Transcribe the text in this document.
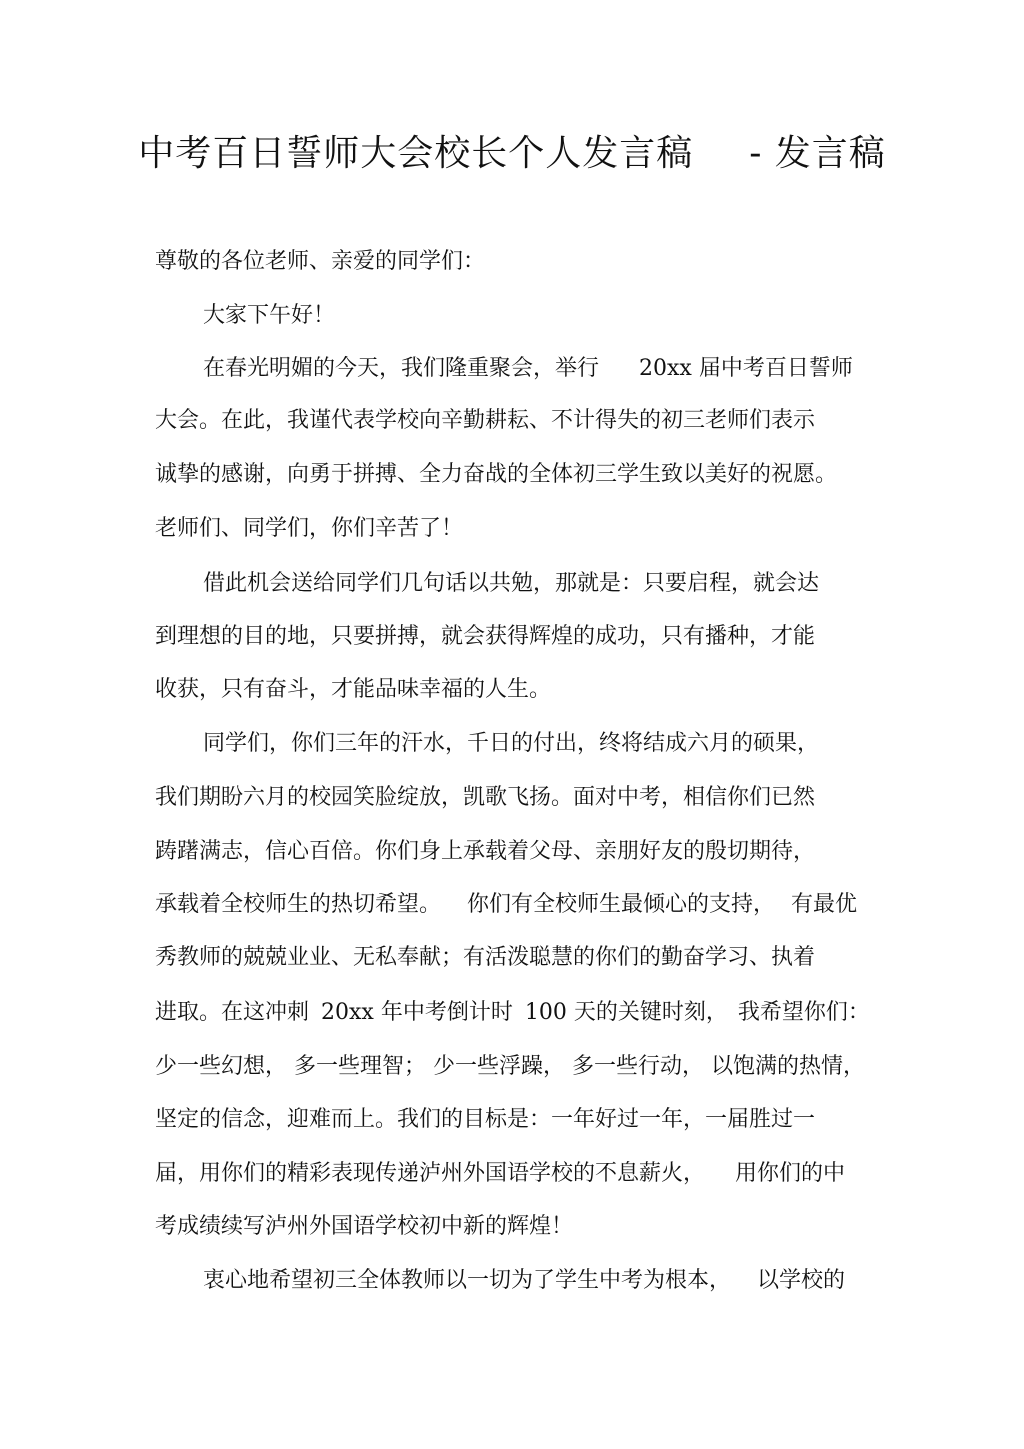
中考百日誓师大会校长个人发言稿 - 发言稿
尊敬的各位老师、亲爱的同学们：
大家下午好！
在春光明媚的今天，我们隆重聚会，举行 20xx 届中考百日誓师
大会。在此，我谨代表学校向辛勤耕耘、不计得失的初三老师们表示
诚挚的感谢，向勇于拼搏、全力奋战的全体初三学生致以美好的祝愿。
老师们、同学们，你们辛苦了！
借此机会送给同学们几句话以共勉，那就是：只要启程，就会达
到理想的目的地，只要拼搏，就会获得辉煌的成功，只有播种，才能
收获，只有奋斗，才能品味幸福的人生。
同学们，你们三年的汗水，千日的付出，终将结成六月的硕果，
我们期盼六月的校园笑脸绽放，凯歌飞扬。面对中考，相信你们已然
踌躇满志，信心百倍。你们身上承载着父母、亲朋好友的殷切期待，
承载着全校师生的热切希望。 你们有全校师生最倾心的支持， 有最优
秀教师的兢兢业业、无私奉献；有活泼聪慧的你们的勤奋学习、执着
进取。在这冲刺 20xx 年中考倒计时 100 天的关键时刻， 我希望你们：
少一些幻想， 多一些理智； 少一些浮躁， 多一些行动， 以饱满的热情，
坚定的信念，迎难而上。我们的目标是：一年好过一年，一届胜过一
届，用你们的精彩表现传递泸州外国语学校的不息薪火， 用你们的中
考成绩续写泸州外国语学校初中新的辉煌！
衷心地希望初三全体教师以一切为了学生中考为根本， 以学校的
